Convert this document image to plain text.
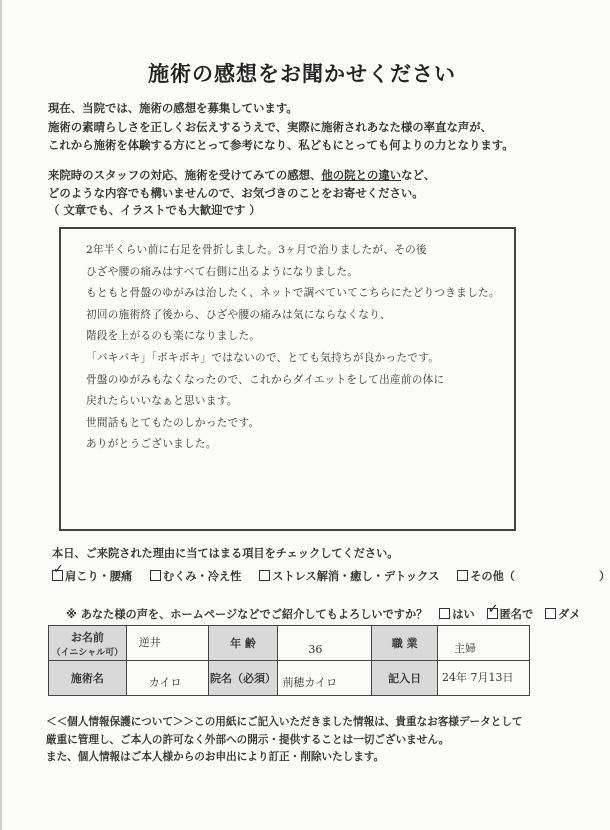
施術の感想をお聞かせください

現在、当院では、施術の感想を募集しています。

施術の素晴らしさを正しくお伝えするうえで、実際に施術されあなた様の率直な声が、

これから施術を体験する方にとって参考になり、私どもにとっても何よりの力となります。

来院時のスタッフの対応、施術を受けてみての感想、他の院との違いなど、

どのような内容でも構いませんので、お気づきのことをお寄せください。

（ 文章でも、イラストでも大歓迎です ）

2年半くらい前に右足を骨折しました。3ヶ月で治りましたが、その後

ひざや腰の痛みはすべて右側に出るようになりました。

もともと骨盤のゆがみは治したく、ネットで調べていてこちらにたどりつきました。

初回の施術終了後から、ひざや腰の痛みは気にならなくなり、

階段を上がるのも楽になりました。

「バキバキ」「ボキボキ」ではないので、とても気持ちが良かったです。

骨盤のゆがみもなくなったので、これからダイエットをして出産前の体に

戻れたらいいなぁと思います。

世間話もとてもたのしかったです。

ありがとうございました。

本日、ご来院された理由に当てはまる項目をチェックしてください。
✓ 肩こり・腰痛	むくみ・冷え性	ストレス解消・癒し・デトックス	その他（	）
※ あなた様の声を、ホームページなどでご紹介してもよろしいですか？ はい ✓ 匿名で ダメ
お名前
（イニシャル可）	逆井	年 齢	36	職 業	主婦
施術名	カイロ	院名（必須）	荊穂カイロ	記入日	24年 7月13日

＜＜個人情報保護について＞＞この用紙にご記入いただきました情報は、貴重なお客様データとして

厳重に管理し、ご本人の許可なく外部への開示・提供することは一切ございません。

また、個人情報はご本人様からのお申出により訂正・削除いたします。
